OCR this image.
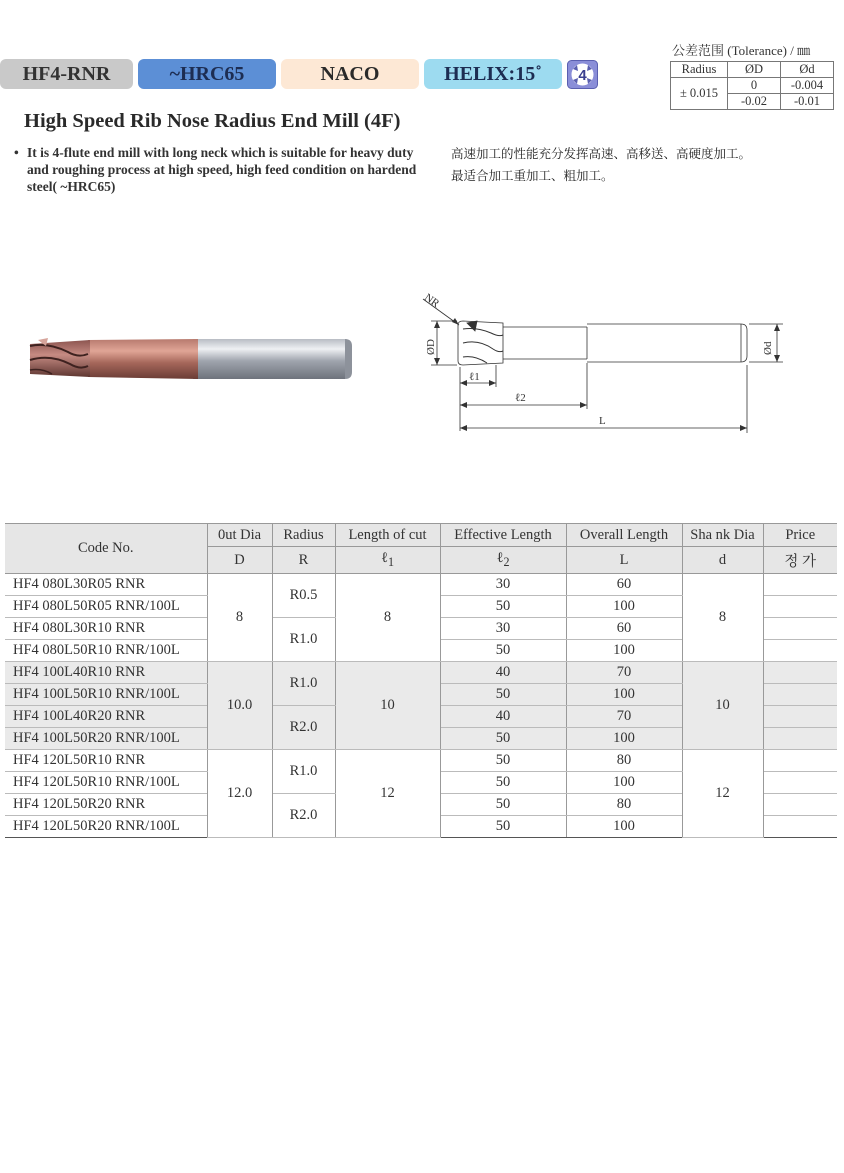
HF4-RNR	~HRC65	NACO	HELIX:15˚	4
公差范围 (Tolerance) / ㎜
Radius	ØD	Ød
± 0.015	0	-0.004
	-0.02	-0.01
High Speed Rib Nose Radius End Mill (4F)
• It is 4-flute end mill with long neck which is suitable for heavy duty and roughing process at high speed, high feed condition on hardend steel( ~HRC65)
高速加工的性能充分发挥高速、高移送、高硬度加工。
最适合加工重加工、粗加工。
NR
ØD	Ød
ℓ1
ℓ2
L
Code No.	0ut Dia	Radius	Length of cut	Effective Length	Overall Length	Sha nk Dia	Price
	D	R	ℓ$_1$	ℓ$_2$	L	d	정 가
HF4 080L30R05 RNR	8	R0.5	8	30	60	8	
HF4 080L50R05 RNR/100L				50	100		
HF4 080L30R10 RNR		R1.0		30	60		
HF4 080L50R10 RNR/100L				50	100		
HF4 100L40R10 RNR	10.0	R1.0	10	40	70	10	
HF4 100L50R10 RNR/100L				50	100		
HF4 100L40R20 RNR		R2.0		40	70		
HF4 100L50R20 RNR/100L				50	100		
HF4 120L50R10 RNR	12.0	R1.0	12	50	80	12	
HF4 120L50R10 RNR/100L				50	100		
HF4 120L50R20 RNR		R2.0		50	80		
HF4 120L50R20 RNR/100L				50	100		
